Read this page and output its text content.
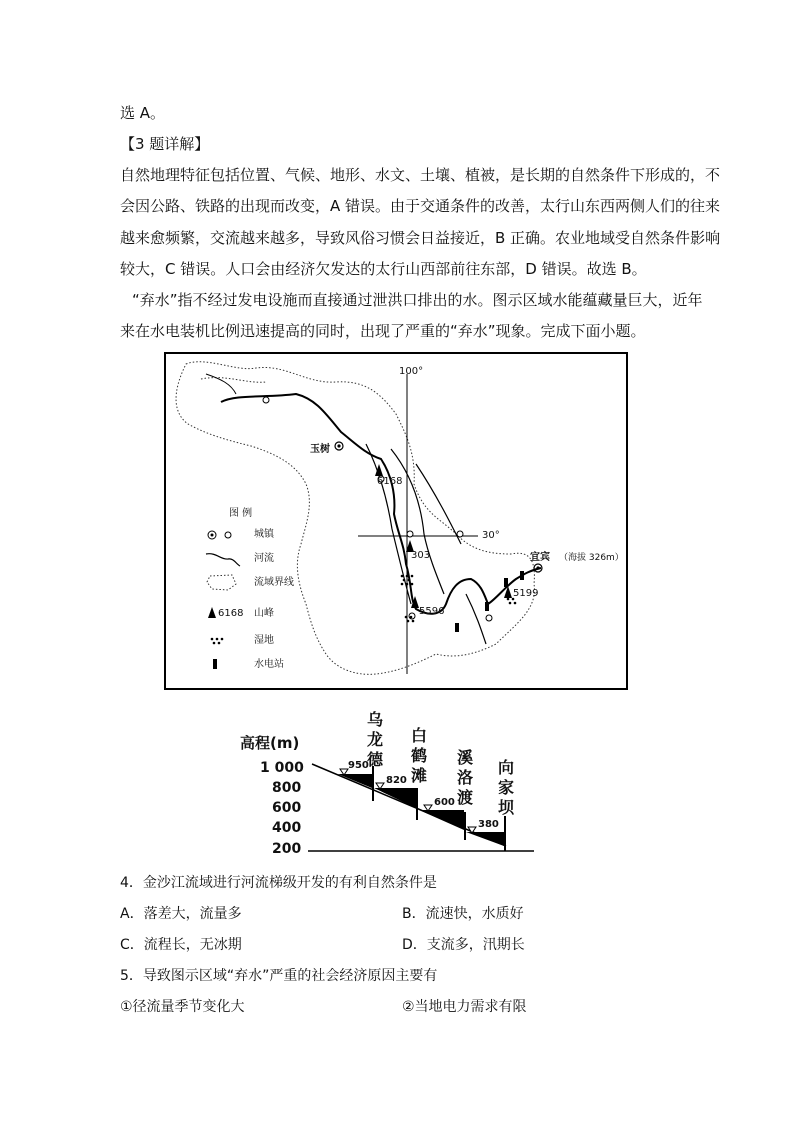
选 A。
【3 题详解】
自然地理特征包括位置、气候、地形、水文、土壤、植被，是长期的自然条件下形成的，不
会因公路、铁路的出现而改变，A 错误。由于交通条件的改善，太行山东西两侧人们的往来
越来愈频繁，交流越来越多，导致风俗习惯会日益接近，B 正确。农业地域受自然条件影响
较大，C 错误。人口会由经济欠发达的太行山西部前往东部，D 错误。故选 B。
“弃水”指不经过发电设施而直接通过泄洪口排出的水。图示区域水能蕴藏量巨大，近年
来在水电装机比例迅速提高的同时，出现了严重的“弃水”现象。完成下面小题。
100°
30°
玉树
宜宾 （海拔 326m）
6168
303
5596
5199
图 例
城镇
河流
流域界线
6168 山峰
湿地
水电站
高程(m)
1 000
800
600
400
200
乌龙德
白鹤滩
溪洛渡
向家坝
950
820
600
380
4．金沙江流域进行河流梯级开发的有利自然条件是
A．落差大，流量多	B．流速快，水质好
C．流程长，无冰期	D．支流多，汛期长
5．导致图示区域“弃水”严重的社会经济原因主要有
①径流量季节变化大	②当地电力需求有限
